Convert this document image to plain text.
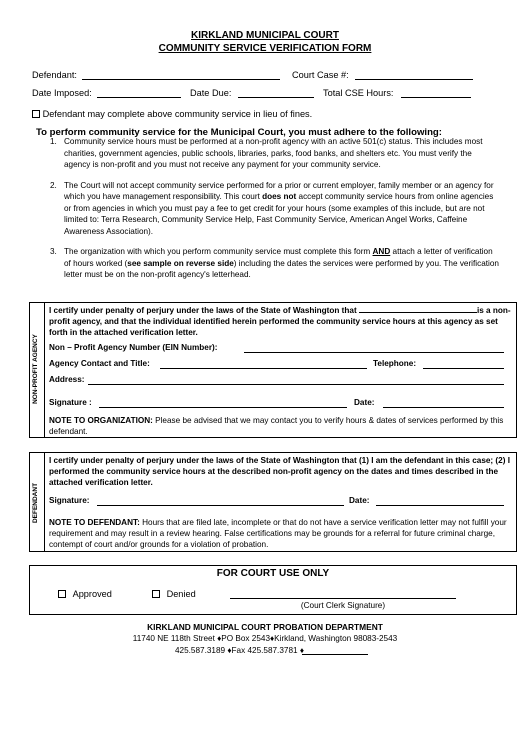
KIRKLAND MUNICIPAL COURT
COMMUNITY SERVICE VERIFICATION FORM
Defendant:	Court Case #:
Date Imposed:	Date Due:	Total CSE Hours:
Defendant may complete above community service in lieu of fines.
To perform community service for the Municipal Court, you must adhere to the following:
1. Community service hours must be performed at a non-profit agency with an active 501(c) status. This includes most charities, government agencies, public schools, libraries, parks, food banks, and shelters etc. You must verify the agency is non-profit and you must not receive any payment for your community service.
2. The Court will not accept community service performed for a prior or current employer, family member or an agency for which you have management responsibility. This court does not accept community service hours from online agencies or from agencies in which you must pay a fee to get credit for your hours (some examples of this include, but are not limited to: Terra Research, Community Service Help, Fast Community Service, American Angel Works, Caffeine Awareness Association).
3. The organization with which you perform community service must complete this form AND attach a letter of verification of hours worked (see sample on reverse side) including the dates the services were performed by you. The verification letter must be on the non-profit agency's letterhead.
NON-PROFIT AGENCY
I certify under penalty of perjury under the laws of the State of Washington that	is a non-profit agency, and that the individual identified herein performed the community service hours at this agency as set forth in the attached verification letter.
Non – Profit Agency Number (EIN Number):
Agency Contact and Title:	Telephone:
Address:
Signature :	Date:
NOTE TO ORGANIZATION: Please be advised that we may contact you to verify hours & dates of services performed by this defendant.
DEFENDANT
I certify under penalty of perjury under the laws of the State of Washington that (1) I am the defendant in this case; (2) I performed the community service hours at the described non-profit agency on the dates and times described in the attached verification letter.
Signature:	Date:
NOTE TO DEFENDANT: Hours that are filed late, incomplete or that do not have a service verification letter may not fulfill your requirement and may result in a review hearing. False certifications may be grounds for a referral for future criminal charge, contempt of court and/or grounds for a violation of probation.
FOR COURT USE ONLY
Approved	Denied
(Court Clerk Signature)
KIRKLAND MUNICIPAL COURT PROBATION DEPARTMENT
11740 NE 118th Street ♦PO Box 2543♦Kirkland, Washington 98083-2543
425.587.3189 ♦Fax 425.587.3781 ♦
